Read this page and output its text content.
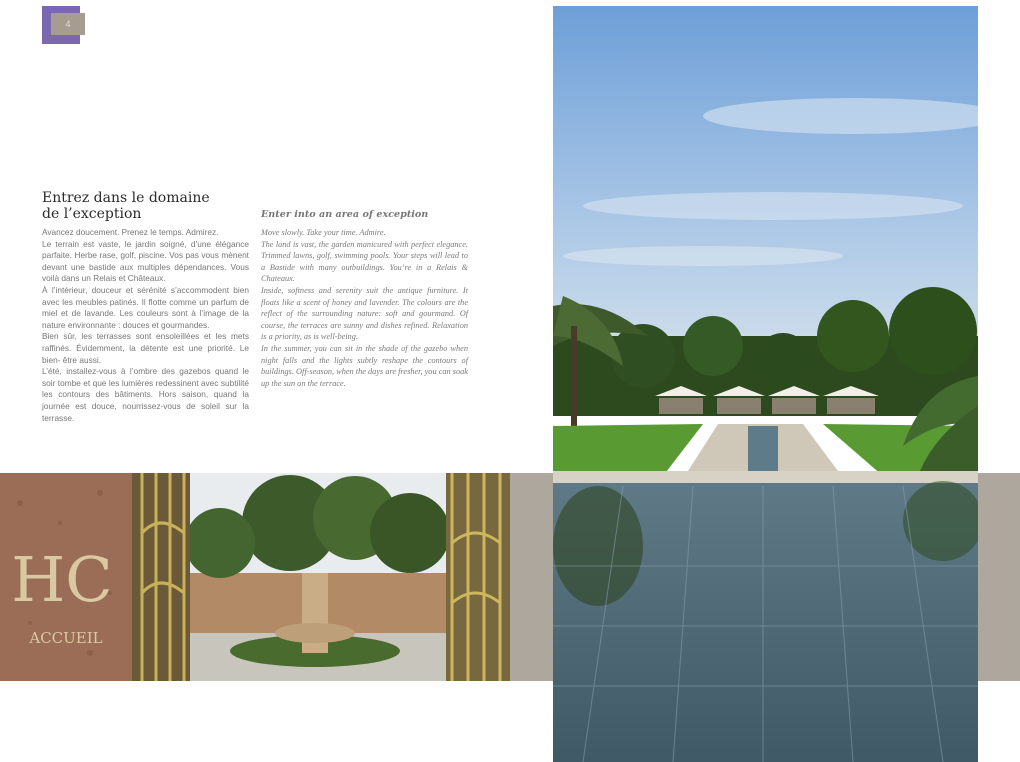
4
Entrez dans le domaine
de l’exception

Avancez doucement. Prenez le temps. Admirez.

Le terrain est vaste, le jardin soigné, d’une élégance parfaite. Herbe rase, golf, piscine. Vos pas vous mènent devant une bastide aux multiples dépendances. Vous voilà dans un Relais et Châteaux.

À l’intérieur, douceur et sérénité s’accommodent bien avec les meubles patinés. Il flotte comme un parfum de miel et de lavande. Les couleurs sont à l’image de la nature environnante : douces et gourmandes.

Bien sûr, les terrasses sont ensoleillées et les mets raffinés. Évidemment, la détente est une priorité. Le bien- être aussi.

L’été, installez-vous à l’ombre des gazebos quand le soir tombe et que les lumières redessinent avec subtilité les contours des bâtiments. Hors saison, quand la journée est douce, nourrissez-vous de soleil sur la terrasse.

Enter into an area of exception

Move slowly. Take your time. Admire.

The land is vast, the garden manicured with perfect elegance. Trimmed lawns, golf, swimming pools. Your steps will lead to a Bastide with many outbuildings. You’re in a Relais & Chateaux.

Inside, softness and serenity suit the antique furniture. It floats like a scent of honey and lavender. The colours are the reflect of the surrounding nature: soft and gourmand. Of course, the terraces are sunny and dishes refined. Relaxation is a priority, as is well-being.

In the summer, you can sit in the shade of the gazebo when night falls and the lights subtly reshape the contours of buildings. Off-season, when the days are fresher, you can soak up the sun on the terrace.

HC
ACCUEIL
